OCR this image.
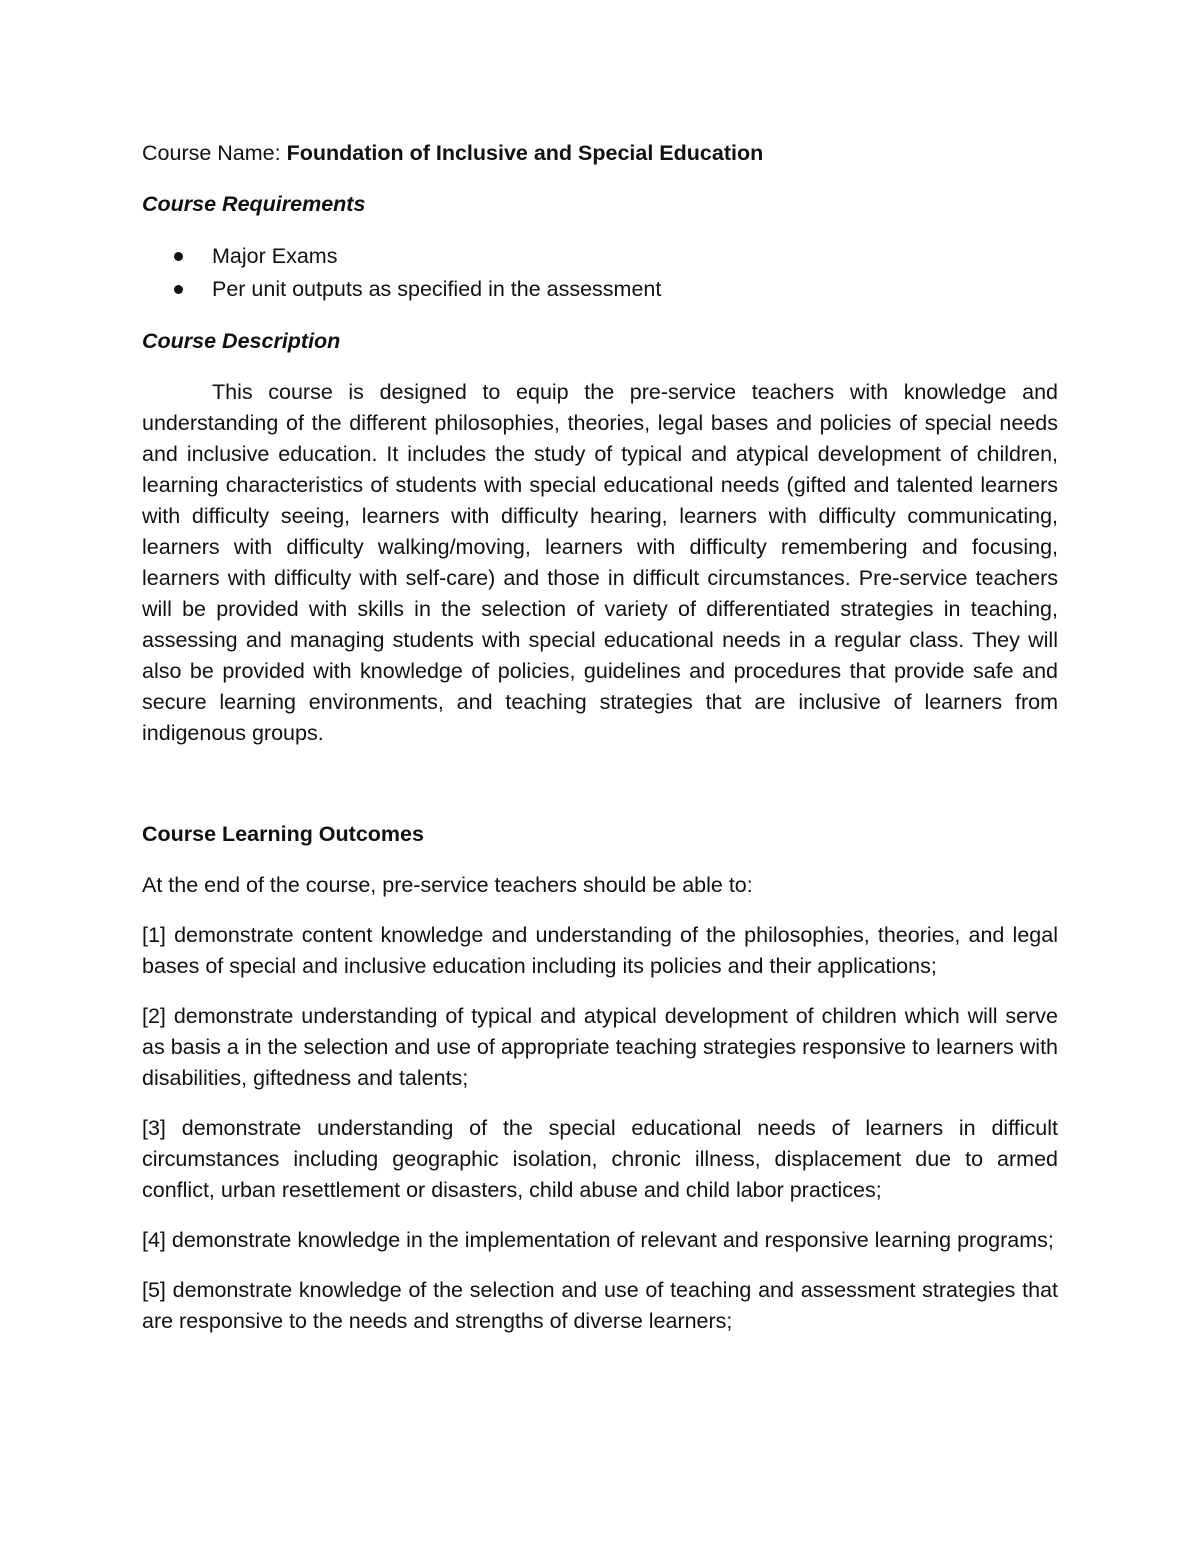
Course Name: Foundation of Inclusive and Special Education
Course Requirements
Major Exams
Per unit outputs as specified in the assessment
Course Description

This course is designed to equip the pre-service teachers with knowledge and understanding of the different philosophies, theories, legal bases and policies of special needs and inclusive education. It includes the study of typical and atypical development of children, learning characteristics of students with special educational needs (gifted and talented learners with difficulty seeing, learners with difficulty hearing, learners with difficulty communicating, learners with difficulty walking/moving, learners with difficulty remembering and focusing, learners with difficulty with self-care) and those in difficult circumstances. Pre-service teachers will be provided with skills in the selection of variety of differentiated strategies in teaching, assessing and managing students with special educational needs in a regular class. They will also be provided with knowledge of policies, guidelines and procedures that provide safe and secure learning environments, and teaching strategies that are inclusive of learners from indigenous groups.

Course Learning Outcomes

At the end of the course, pre-service teachers should be able to:

[1] demonstrate content knowledge and understanding of the philosophies, theories, and legal bases of special and inclusive education including its policies and their applications;

[2] demonstrate understanding of typical and atypical development of children which will serve as basis a in the selection and use of appropriate teaching strategies responsive to learners with disabilities, giftedness and talents;

[3] demonstrate understanding of the special educational needs of learners in difficult circumstances including geographic isolation, chronic illness, displacement due to armed conflict, urban resettlement or disasters, child abuse and child labor practices;

[4] demonstrate knowledge in the implementation of relevant and responsive learning programs;

[5] demonstrate knowledge of the selection and use of teaching and assessment strategies that are responsive to the needs and strengths of diverse learners;
